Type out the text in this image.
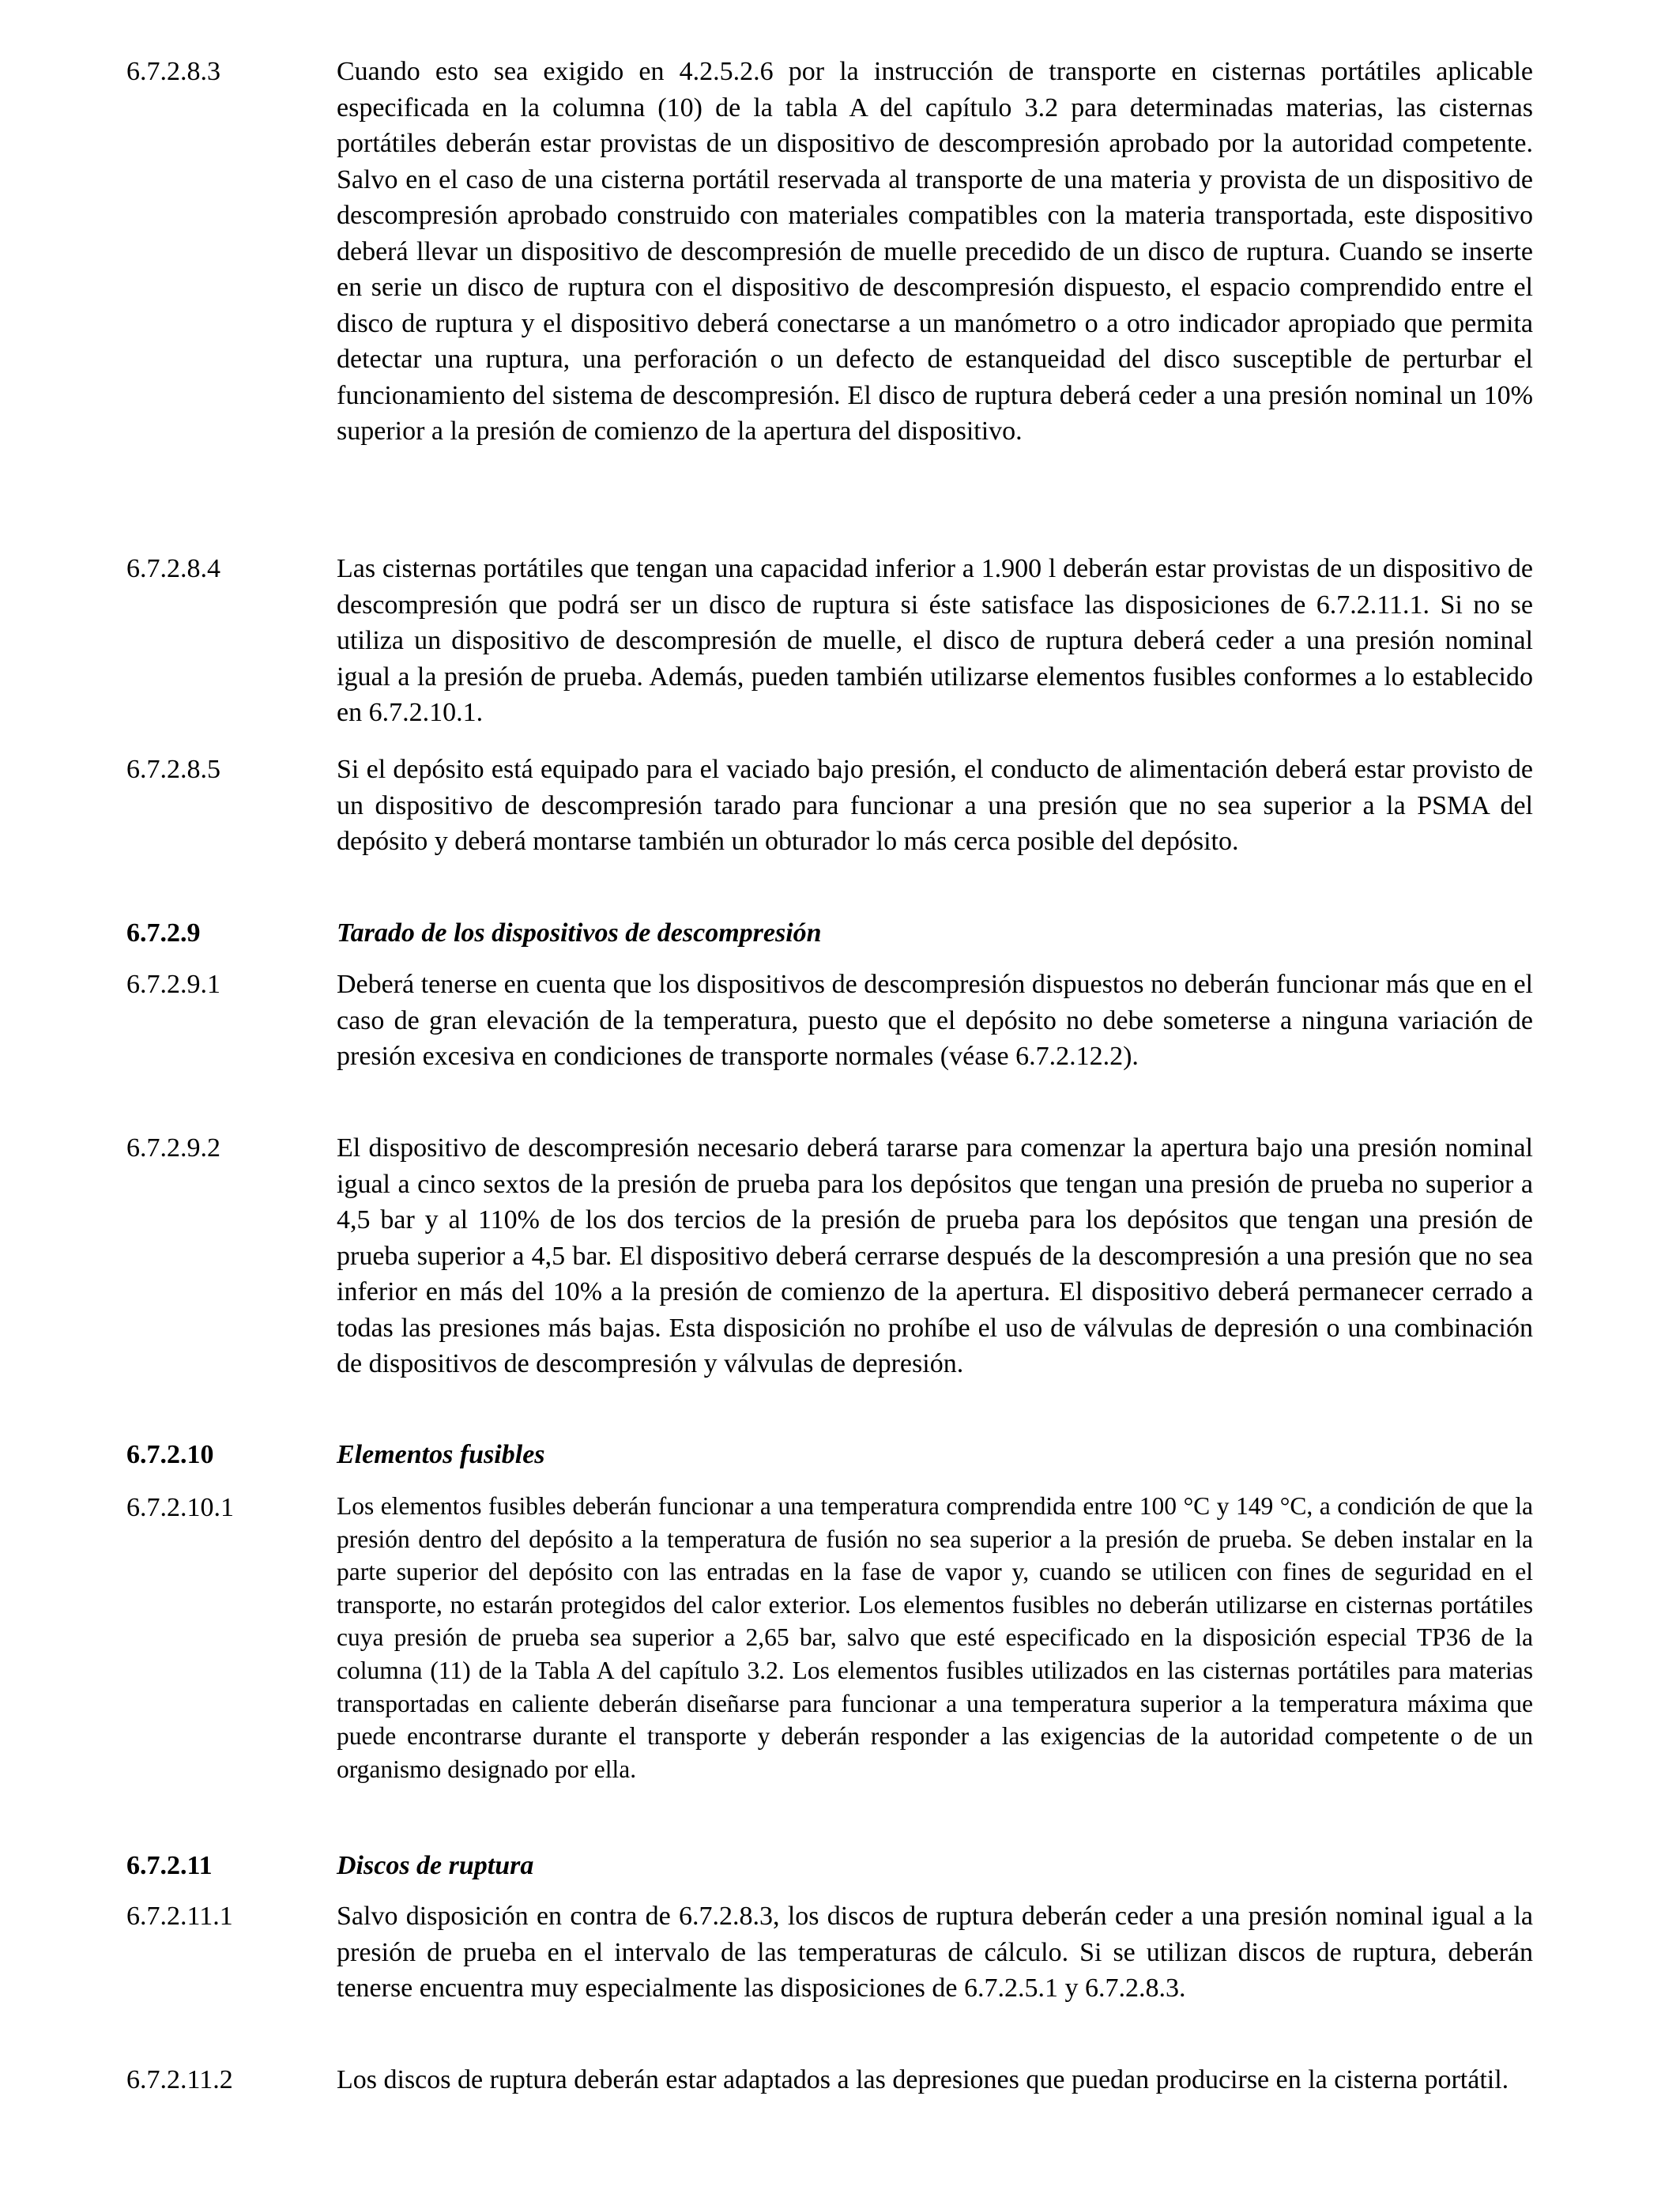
6.7.2.8.3	Cuando esto sea exigido en 4.2.5.2.6 por la instrucción de transporte en cisternas portátiles aplicable especificada en la columna (10) de la tabla A del capítulo 3.2 para determinadas materias, las cisternas portátiles deberán estar provistas de un dispositivo de descompresión aprobado por la autoridad competente. Salvo en el caso de una cisterna portátil reservada al transporte de una materia y provista de un dispositivo de descompresión aprobado construido con materiales compatibles con la materia transportada, este dispositivo deberá llevar un dispositivo de descompresión de muelle precedido de un disco de ruptura. Cuando se inserte en serie un disco de ruptura con el dispositivo de descompresión dispuesto, el espacio comprendido entre el disco de ruptura y el dispositivo deberá conectarse a un manómetro o a otro indicador apropiado que permita detectar una ruptura, una perforación o un defecto de estanqueidad del disco susceptible de perturbar el funcionamiento del sistema de descompresión. El disco de ruptura deberá ceder a una presión nominal un 10% superior a la presión de comienzo de la apertura del dispositivo.
6.7.2.8.4	Las cisternas portátiles que tengan una capacidad inferior a 1.900 l deberán estar provistas de un dispositivo de descompresión que podrá ser un disco de ruptura si éste satisface las disposiciones de 6.7.2.11.1. Si no se utiliza un dispositivo de descompresión de muelle, el disco de ruptura deberá ceder a una presión nominal igual a la presión de prueba. Además, pueden también utilizarse elementos fusibles conformes a lo establecido en 6.7.2.10.1.
6.7.2.8.5	Si el depósito está equipado para el vaciado bajo presión, el conducto de alimentación deberá estar provisto de un dispositivo de descompresión tarado para funcionar a una presión que no sea superior a la PSMA del depósito y deberá montarse también un obturador lo más cerca posible del depósito.
6.7.2.9	Tarado de los dispositivos de descompresión
6.7.2.9.1	Deberá tenerse en cuenta que los dispositivos de descompresión dispuestos no deberán funcionar más que en el caso de gran elevación de la temperatura, puesto que el depósito no debe someterse a ninguna variación de presión excesiva en condiciones de transporte normales (véase 6.7.2.12.2).
6.7.2.9.2	El dispositivo de descompresión necesario deberá tararse para comenzar la apertura bajo una presión nominal igual a cinco sextos de la presión de prueba para los depósitos que tengan una presión de prueba no superior a 4,5 bar y al 110% de los dos tercios de la presión de prueba para los depósitos que tengan una presión de prueba superior a 4,5 bar. El dispositivo deberá cerrarse después de la descompresión a una presión que no sea inferior en más del 10% a la presión de comienzo de la apertura. El dispositivo deberá permanecer cerrado a todas las presiones más bajas. Esta disposición no prohíbe el uso de válvulas de depresión o una combinación de dispositivos de descompresión y válvulas de depresión.
6.7.2.10	Elementos fusibles
6.7.2.10.1	Los elementos fusibles deberán funcionar a una temperatura comprendida entre 100 °C y 149 °C, a condición de que la presión dentro del depósito a la temperatura de fusión no sea superior a la presión de prueba. Se deben instalar en la parte superior del depósito con las entradas en la fase de vapor y, cuando se utilicen con fines de seguridad en el transporte, no estarán protegidos del calor exterior. Los elementos fusibles no deberán utilizarse en cisternas portátiles cuya presión de prueba sea superior a 2,65 bar, salvo que esté especificado en la disposición especial TP36 de la columna (11) de la Tabla A del capítulo 3.2. Los elementos fusibles utilizados en las cisternas portátiles para materias transportadas en caliente deberán diseñarse para funcionar a una temperatura superior a la temperatura máxima que puede encontrarse durante el transporte y deberán responder a las exigencias de la autoridad competente o de un organismo designado por ella.
6.7.2.11	Discos de ruptura
6.7.2.11.1	Salvo disposición en contra de 6.7.2.8.3, los discos de ruptura deberán ceder a una presión nominal igual a la presión de prueba en el intervalo de las temperaturas de cálculo. Si se utilizan discos de ruptura, deberán tenerse encuentra muy especialmente las disposiciones de 6.7.2.5.1 y 6.7.2.8.3.
6.7.2.11.2	Los discos de ruptura deberán estar adaptados a las depresiones que puedan producirse en la cisterna portátil.
